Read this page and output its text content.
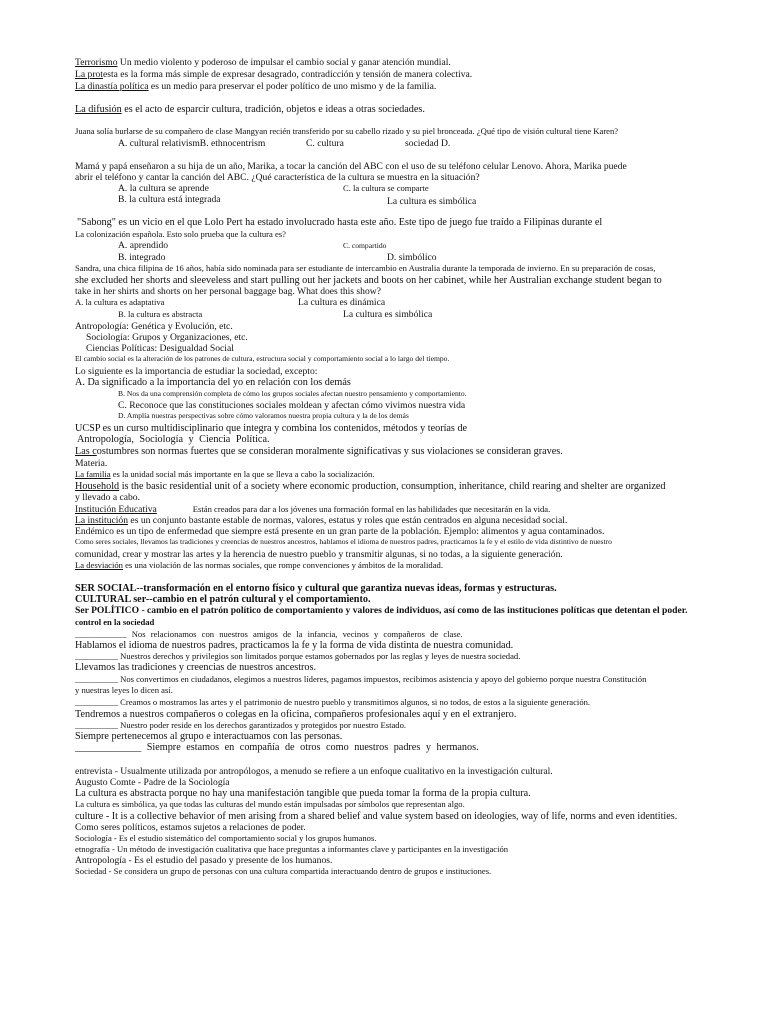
Terrorismo Un medio violento y poderoso de impulsar el cambio social y ganar atención mundial.
La protesta es la forma más simple de expresar desagrado, contradicción y tensión de manera colectiva.
La dinastía política es un medio para preservar el poder político de uno mismo y de la familia.
La difusión es el acto de esparcir cultura, tradición, objetos e ideas a otras sociedades.
Juana solía burlarse de su compañero de clase Mangyan recién transferido por su cabello rizado y su piel bronceada. ¿Qué tipo de visión cultural tiene Karen?
A. cultural relativismB. ethnocentrism	C. cultura	sociedad D.
Mamá y papá enseñaron a su hija de un año, Marika, a tocar la canción del ABC con el uso de su teléfono celular Lenovo. Ahora, Marika puede
abrir el teléfono y cantar la canción del ABC. ¿Qué característica de la cultura se muestra en la situación?
A. la cultura se aprende	C. la cultura se comparte
B. la cultura está integrada	La cultura es simbólica
"Sabong" es un vicio en el que Lolo Pert ha estado involucrado hasta este año. Este tipo de juego fue traído a Filipinas durante el
La colonización española. Esto solo prueba que la cultura es?
A. aprendido	C. compartido
B. integrado	D. simbólico
Sandra, una chica filipina de 16 años, había sido nominada para ser estudiante de intercambio en Australia durante la temporada de invierno. En su preparación de cosas,
she excluded her shorts and sleeveless and start pulling out her jackets and boots on her cabinet, while her Australian exchange student began to
take in her shirts and shorts on her personal baggage bag. What does this show?
A. la cultura es adaptativa	La cultura es dinámica
B. la cultura es abstracta	La cultura es simbólica
Antropología: Genética y Evolución, etc.
Sociología: Grupos y Organizaciones, etc.
Ciencias Políticas: Desigualdad Social
El cambio social es la alteración de los patrones de cultura, estructura social y comportamiento social a lo largo del tiempo.
Lo siguiente es la importancia de estudiar la sociedad, excepto:
A. Da significado a la importancia del yo en relación con los demás
B. Nos da una comprensión completa de cómo los grupos sociales afectan nuestro pensamiento y comportamiento.
C. Reconoce que las constituciones sociales moldean y afectan cómo vivimos nuestra vida
D. Amplía nuestras perspectivas sobre cómo valoramos nuestra propia cultura y la de los demás
UCSP es un curso multidisciplinario que integra y combina los contenidos, métodos y teorías de
Antropología, Sociología y Ciencia Política.
Las costumbres son normas fuertes que se consideran moralmente significativas y sus violaciones se consideran graves.
Materia.
La familia es la unidad social más importante en la que se lleva a cabo la socialización.
Household is the basic residential unit of a society where economic production, consumption, inheritance, child rearing and shelter are organized
y llevado a cabo.
Institución Educativa	Están creados para dar a los jóvenes una formación formal en las habilidades que necesitarán en la vida.
La institución es un conjunto bastante estable de normas, valores, estatus y roles que están centrados en alguna necesidad social.
Endémico es un tipo de enfermedad que siempre está presente en un gran parte de la población. Ejemplo: alimentos y agua contaminados.
Como seres sociales, llevamos las tradiciones y creencias de nuestros ancestros, hablamos el idioma de nuestros padres, practicamos la fe y el estilo de vida distintivo de nuestro
comunidad, crear y mostrar las artes y la herencia de nuestro pueblo y transmitir algunas, si no todas, a la siguiente generación.
La desviación es una violación de las normas sociales, que rompe convenciones y ámbitos de la moralidad.
SER SOCIAL--transformación en el entorno físico y cultural que garantiza nuevas ideas, formas y estructuras.
CULTURAL ser--cambio en el patrón cultural y el comportamiento.
Ser POLÍTICO - cambio en el patrón político de comportamiento y valores de individuos, así como de las instituciones políticas que detentan el poder.
control en la sociedad
____________ Nos relacionamos con nuestros amigos de la infancia, vecinos y compañeros de clase.
Hablamos el idioma de nuestros padres, practicamos la fe y la forma de vida distinta de nuestra comunidad.
__________ Nuestros derechos y privilegios son limitados porque estamos gobernados por las reglas y leyes de nuestra sociedad.
Llevamos las tradiciones y creencias de nuestros ancestros.
__________ Nos convertimos en ciudadanos, elegimos a nuestros líderes, pagamos impuestos, recibimos asistencia y apoyo del gobierno porque nuestra Constitución
y nuestras leyes lo dicen así.
__________ Creamos o mostramos las artes y el patrimonio de nuestro pueblo y transmitimos algunos, si no todos, de estos a la siguiente generación.
Tendremos a nuestros compañeros o colegas en la oficina, compañeros profesionales aquí y en el extranjero.
__________ Nuestro poder reside en los derechos garantizados y protegidos por nuestro Estado.
Siempre pertenecemos al grupo e interactuamos con las personas.
_____________ Siempre estamos en compañía de otros como nuestros padres y hermanos.
entrevista - Usualmente utilizada por antropólogos, a menudo se refiere a un enfoque cualitativo en la investigación cultural.
Augusto Comte - Padre de la Sociología
La cultura es abstracta porque no hay una manifestación tangible que pueda tomar la forma de la propia cultura.
La cultura es simbólica, ya que todas las culturas del mundo están impulsadas por símbolos que representan algo.
culture - It is a collective behavior of men arising from a shared belief and value system based on ideologies, way of life, norms and even identities.
Como seres políticos, estamos sujetos a relaciones de poder.
Sociología - Es el estudio sistemático del comportamiento social y los grupos humanos.
etnografía - Un método de investigación cualitativa que hace preguntas a informantes clave y participantes en la investigación
Antropología - Es el estudio del pasado y presente de los humanos.
Sociedad - Se considera un grupo de personas con una cultura compartida interactuando dentro de grupos e instituciones.
